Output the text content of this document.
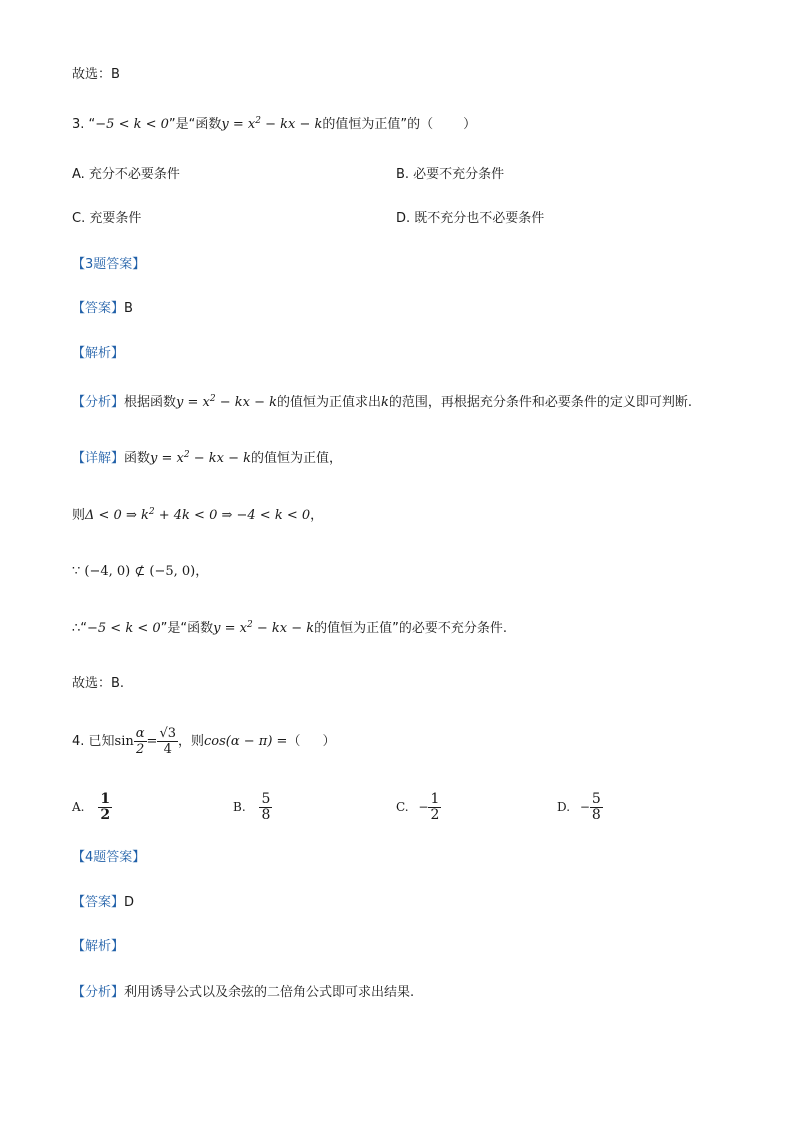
故选：B
3. “−5 < k < 0”是“函数$y = x^2$ − kx − k的值恒为正值”的（ ）
A. 充分不必要条件	B. 必要不充分条件
C. 充要条件	D. 既不充分也不必要条件
【3题答案】
【答案】B
【解析】
【分析】根据函数$y = x^2$ − kx − k的值恒为正值求出k的范围，再根据充分条件和必要条件的定义即可判断.
【详解】函数$y = x^2$ − kx − k的值恒为正值，
则Δ < 0 ⇒ $k^2 + 4k < 0$ ⇒ −4 < k < 0，
∵ (−4, 0) ⊄ (−5, 0)，
∴“−5 < k < 0”是“函数$y = x^2$ − kx − k的值恒为正值”的必要不充分条件.
故选：B.
4. 已知$\sin \frac{\alpha}{2} = \frac{√3}{4}$ ，则cos(α − π) =（ ）
A. $\frac{1}{2}$	B. $\frac{5}{8}$	C. − $\frac{1}{2}$	D. − $\frac{5}{8}$
【4题答案】
【答案】D
【解析】
【分析】利用诱导公式以及余弦的二倍角公式即可求出结果.
